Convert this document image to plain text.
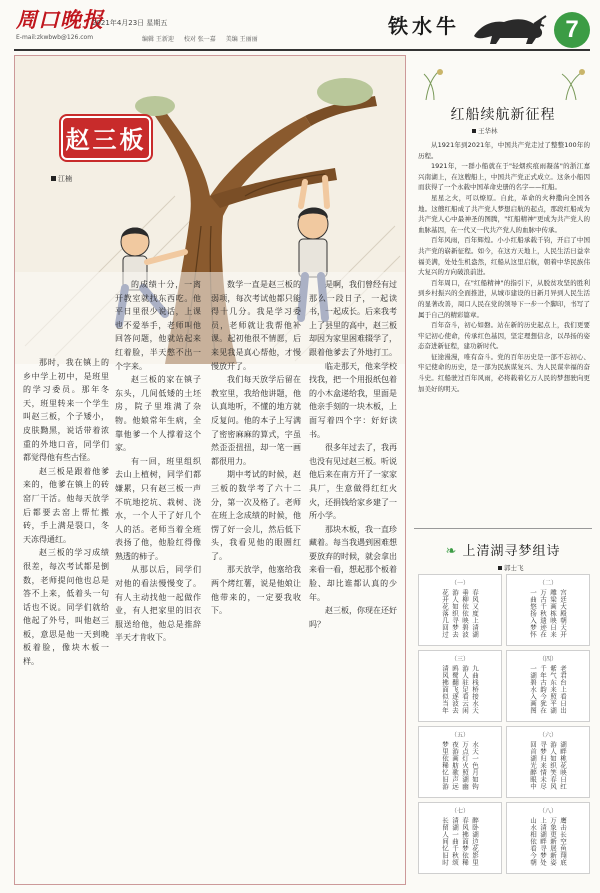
周口晚报
2021年4月23日 星期五
E-mail:zkwbwb@126.com	编辑 王新迎 校对 张一嘉 美编 王丽丽
铁水牛	7
赵三板
江楠

那时，我在镇上的乡中学上初中，是班里的学习委员。那年冬天，班里转来一个学生叫赵三板，个子矮小，皮肤黝黑，说话带着浓重的外地口音，同学们都觉得他有些古怪。

赵三板是跟着他爹来的，他爹在镇上的砖窑厂干活。他每天放学后都要去窑上帮忙搬砖，手上满是裂口，冬天冻得通红。

赵三板的学习成绩很差，每次考试都是倒数，老师提问他也总是答不上来，低着头一句话也不说。同学们就给他起了外号，叫他赵三板，意思是他一天到晚板着脸，像块木板一样。

的成绩十分，一离开教室就找东西吃。他平日里很少说话，上课也不爱举手，老师叫他回答问题，他就站起来红着脸，半天憋不出一个字来。

赵三板的家在镇子东头，几间低矮的土坯房，院子里堆满了杂物。他娘常年生病，全靠他爹一个人撑着这个家。

有一回，班里组织去山上植树，同学们都嫌累，只有赵三板一声不吭地挖坑、栽树、浇水，一个人干了好几个人的活。老师当着全班表扬了他，他脸红得像熟透的柿子。

从那以后，同学们对他的看法慢慢变了。有人主动找他一起做作业，有人把家里的旧衣服送给他，他总是推辞半天才肯收下。

数学一直是赵三板的弱项，每次考试他都只能得十几分。我是学习委员，老师就让我帮他补课。起初他很不情愿，后来见我是真心帮他，才慢慢放开了。

我们每天放学后留在教室里，我给他讲题，他认真地听，不懂的地方就反复问。他的本子上写满了密密麻麻的算式，字虽然歪歪扭扭，却一笔一画都很用力。

期中考试的时候，赵三板的数学考了六十二分，第一次及格了。老师在班上念成绩的时候，他愣了好一会儿，然后低下头，我看见他的眼圈红了。

那天放学，他塞给我两个烤红薯，说是他娘让他带来的，一定要我收下。

是啊，我们曾经有过那么一段日子，一起读书，一起成长。后来我考上了县里的高中，赵三板却因为家里困难辍学了，跟着他爹去了外地打工。

临走那天，他来学校找我，把一个用报纸包着的小木盒递给我，里面是他亲手刻的一块木板，上面写着四个字：好好读书。

很多年过去了，我再也没有见过赵三板。听说他后来在南方开了一家家具厂，生意做得红红火火，还捐钱给家乡建了一所小学。

那块木板，我一直珍藏着。每当我遇到困难想要放弃的时候，就会拿出来看一看，想起那个板着脸、却比谁都认真的少年。

赵三板，你现在还好吗？

红船续航新征程
王华林

从1921年到2021年，中国共产党走过了整整100年的历程。

1921年，一群小船就在于"轻烟疾痕雨凝荡"的浙江嘉兴南湖上，在这艘船上，中国共产党正式成立。这条小船因而获得了一个永载中国革命史册的名字——红船。

星星之火，可以燎原。自此，革命的火种撒向全国各地。这艘红船成了共产党人梦想启航的起点，那段红船成为共产党人心中最神圣的图腾，"红船精神"更成为共产党人的血脉基因，在一代又一代共产党人的血脉中传承。

百年风雨，百年辉煌。小小红船承载千钧，开启了中国共产党的崭新征程。如今，在这方天地上，人民生活日益幸福美满，处处生机盎然，红船从这里启航，朝着中华民族伟大复兴的方向破浪前进。

百年周口，在"红船精神"的指引下，从脱贫攻坚的胜利到乡村振兴的全面推进，从城市建设的日新月异到人民生活的显著改善，周口人民在党的领导下一步一个脚印，书写了属于自己的精彩篇章。

百年奋斗，初心如磐。站在新的历史起点上，我们更要牢记初心使命，传承红色基因，坚定理想信念，以昂扬的姿态奋进新征程，建功新时代。

征途漫漫，唯有奋斗。党的百年历史是一部不忘初心、牢记使命的历史，是一部为民族谋复兴、为人民谋幸福的奋斗史。红船驶过百年风雨，必将载着亿万人民的梦想驶向更加美好的明天。

❧ 上清湖寻梦组诗
郭士飞
（一）
春风又度上清湖
垂柳依依映碧波
游人如织寻梦去
花开花落几回过
（二）
宫廷大殿朝天开
雕梁画栋映日来
万古千秋遗迹在
一曲悠扬入梦怀
（三）
九曲栈桥接水天
游人驻足看云闲
鸥鹭翻飞逐波去
清风拂面似当年
（四）
老君台上看日出
紫气东来照平湖
千年古韵今犹在
一湖碧水入画图
（五）
水天一色月如钩
万点灯火照湖幽
夜游画舫歌声远
梦里依稀忆旧游
（六）
湖畔桃花映日红
游人如织笑春风
寻梦归来情未尽
回首湖光醉眼中
（七）
醉卧湖边花影里
春风拂面梦依稀
清湖一曲千秋颂
长留人间忆旧时
（八）
鹰击长空鱼翔底
万象更新展新姿
上清湖畔寻梦处
山水相依看今朝
